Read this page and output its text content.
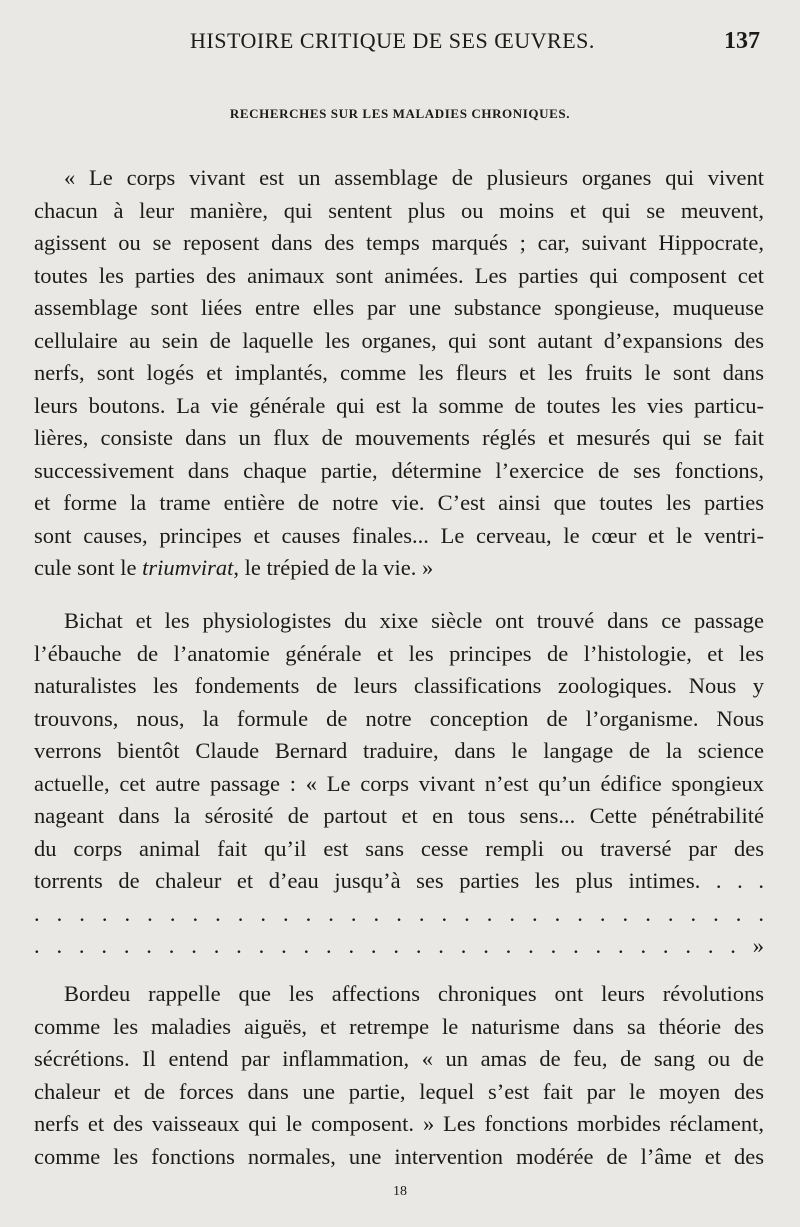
HISTOIRE CRITIQUE DE SES ŒUVRES.	137
RECHERCHES SUR LES MALADIES CHRONIQUES.
« Le corps vivant est un assemblage de plusieurs organes qui vivent
chacun à leur manière, qui sentent plus ou moins et qui se meuvent,
agissent ou se reposent dans des temps marqués ; car, suivant Hippocrate,
toutes les parties des animaux sont animées. Les parties qui composent cet
assemblage sont liées entre elles par une substance spongieuse, muqueuse
cellulaire au sein de laquelle les organes, qui sont autant d’expansions des
nerfs, sont logés et implantés, comme les fleurs et les fruits le sont dans
leurs boutons. La vie générale qui est la somme de toutes les vies particu-
lières, consiste dans un flux de mouvements réglés et mesurés qui se fait
successivement dans chaque partie, détermine l’exercice de ses fonctions,
et forme la trame entière de notre vie. C’est ainsi que toutes les parties
sont causes, principes et causes finales... Le cerveau, le cœur et le ventri-
cule sont le triumvirat, le trépied de la vie. »
Bichat et les physiologistes du xixe siècle ont trouvé dans ce passage
l’ébauche de l’anatomie générale et les principes de l’histologie, et les
naturalistes les fondements de leurs classifications zoologiques. Nous y
trouvons, nous, la formule de notre conception de l’organisme. Nous
verrons bientôt Claude Bernard traduire, dans le langage de la science
actuelle, cet autre passage : « Le corps vivant n’est qu’un édifice spongieux
nageant dans la sérosité de partout et en tous sens... Cette pénétrabilité
du corps animal fait qu’il est sans cesse rempli ou traversé par des
torrents de chaleur et d’eau jusqu’à ses parties les plus intimes. . . .
. . . . . . . . . . . . . . . . . . . . . . . . . . . . . . . . .
. . . . . . . . . . . . . . . . . . . . . . . . . . . . . . . . »
Bordeu rappelle que les affections chroniques ont leurs révolutions
comme les maladies aiguës, et retrempe le naturisme dans sa théorie des
sécrétions. Il entend par inflammation, « un amas de feu, de sang ou de
chaleur et de forces dans une partie, lequel s’est fait par le moyen des
nerfs et des vaisseaux qui le composent. » Les fonctions morbides réclament,
comme les fonctions normales, une intervention modérée de l’âme et des
18
